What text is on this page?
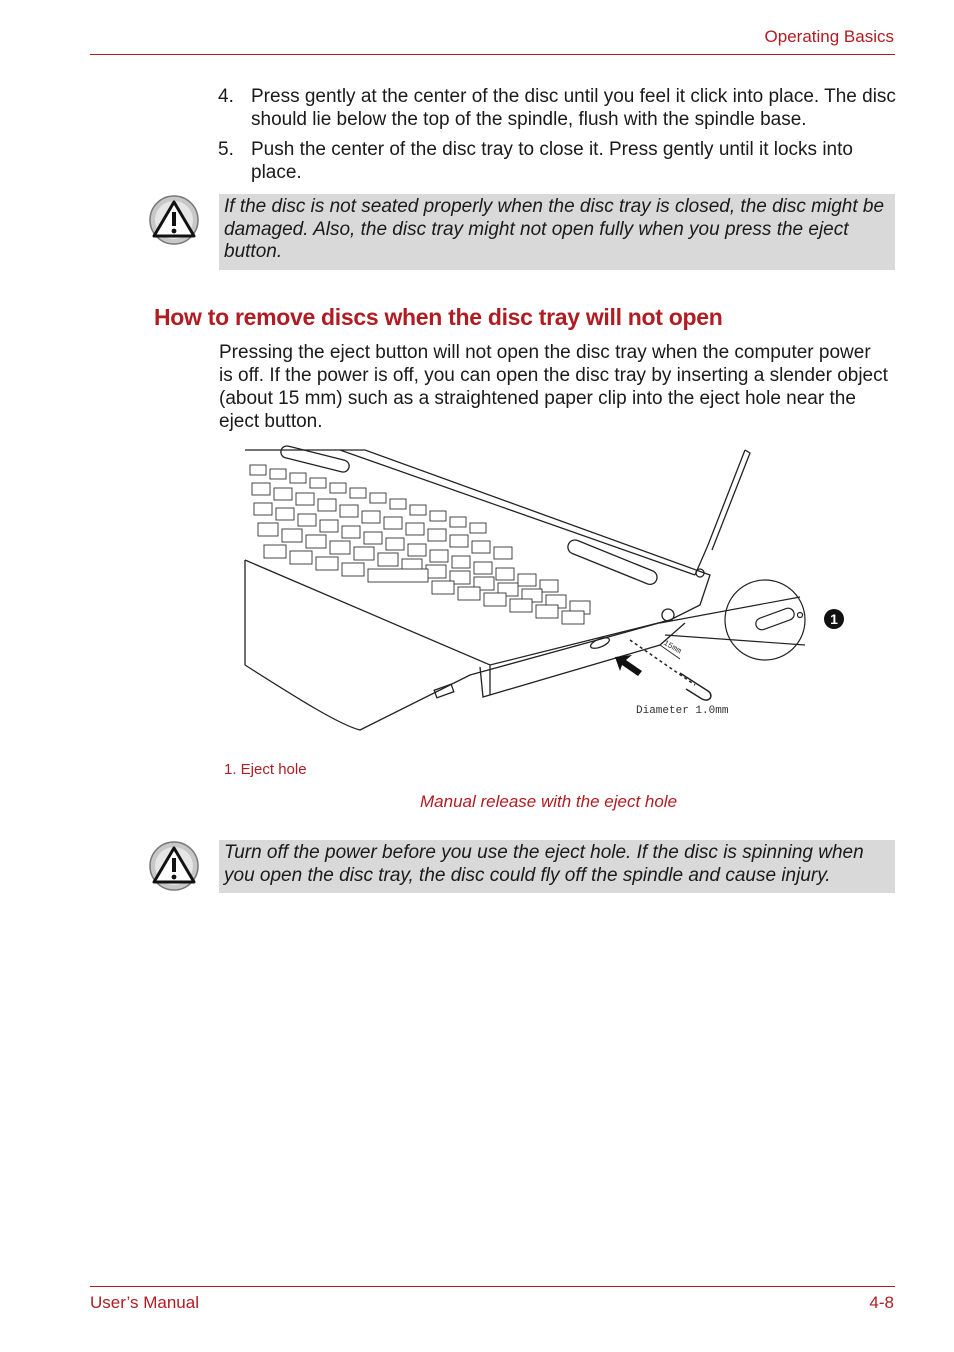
Operating Basics
4. Press gently at the center of the disc until you feel it click into place. The disc should lie below the top of the spindle, flush with the spindle base.
5. Push the center of the disc tray to close it. Press gently until it locks into place.
If the disc is not seated properly when the disc tray is closed, the disc might be damaged. Also, the disc tray might not open fully when you press the eject button.
How to remove discs when the disc tray will not open
Pressing the eject button will not open the disc tray when the computer power is off. If the power is off, you can open the disc tray by inserting a slender object (about 15 mm) such as a straightened paper clip into the eject hole near the eject button.
15mm
Diameter 1.0mm
1
1. Eject hole
Manual release with the eject hole
Turn off the power before you use the eject hole. If the disc is spinning when you open the disc tray, the disc could fly off the spindle and cause injury.
User’s Manual	4-8
